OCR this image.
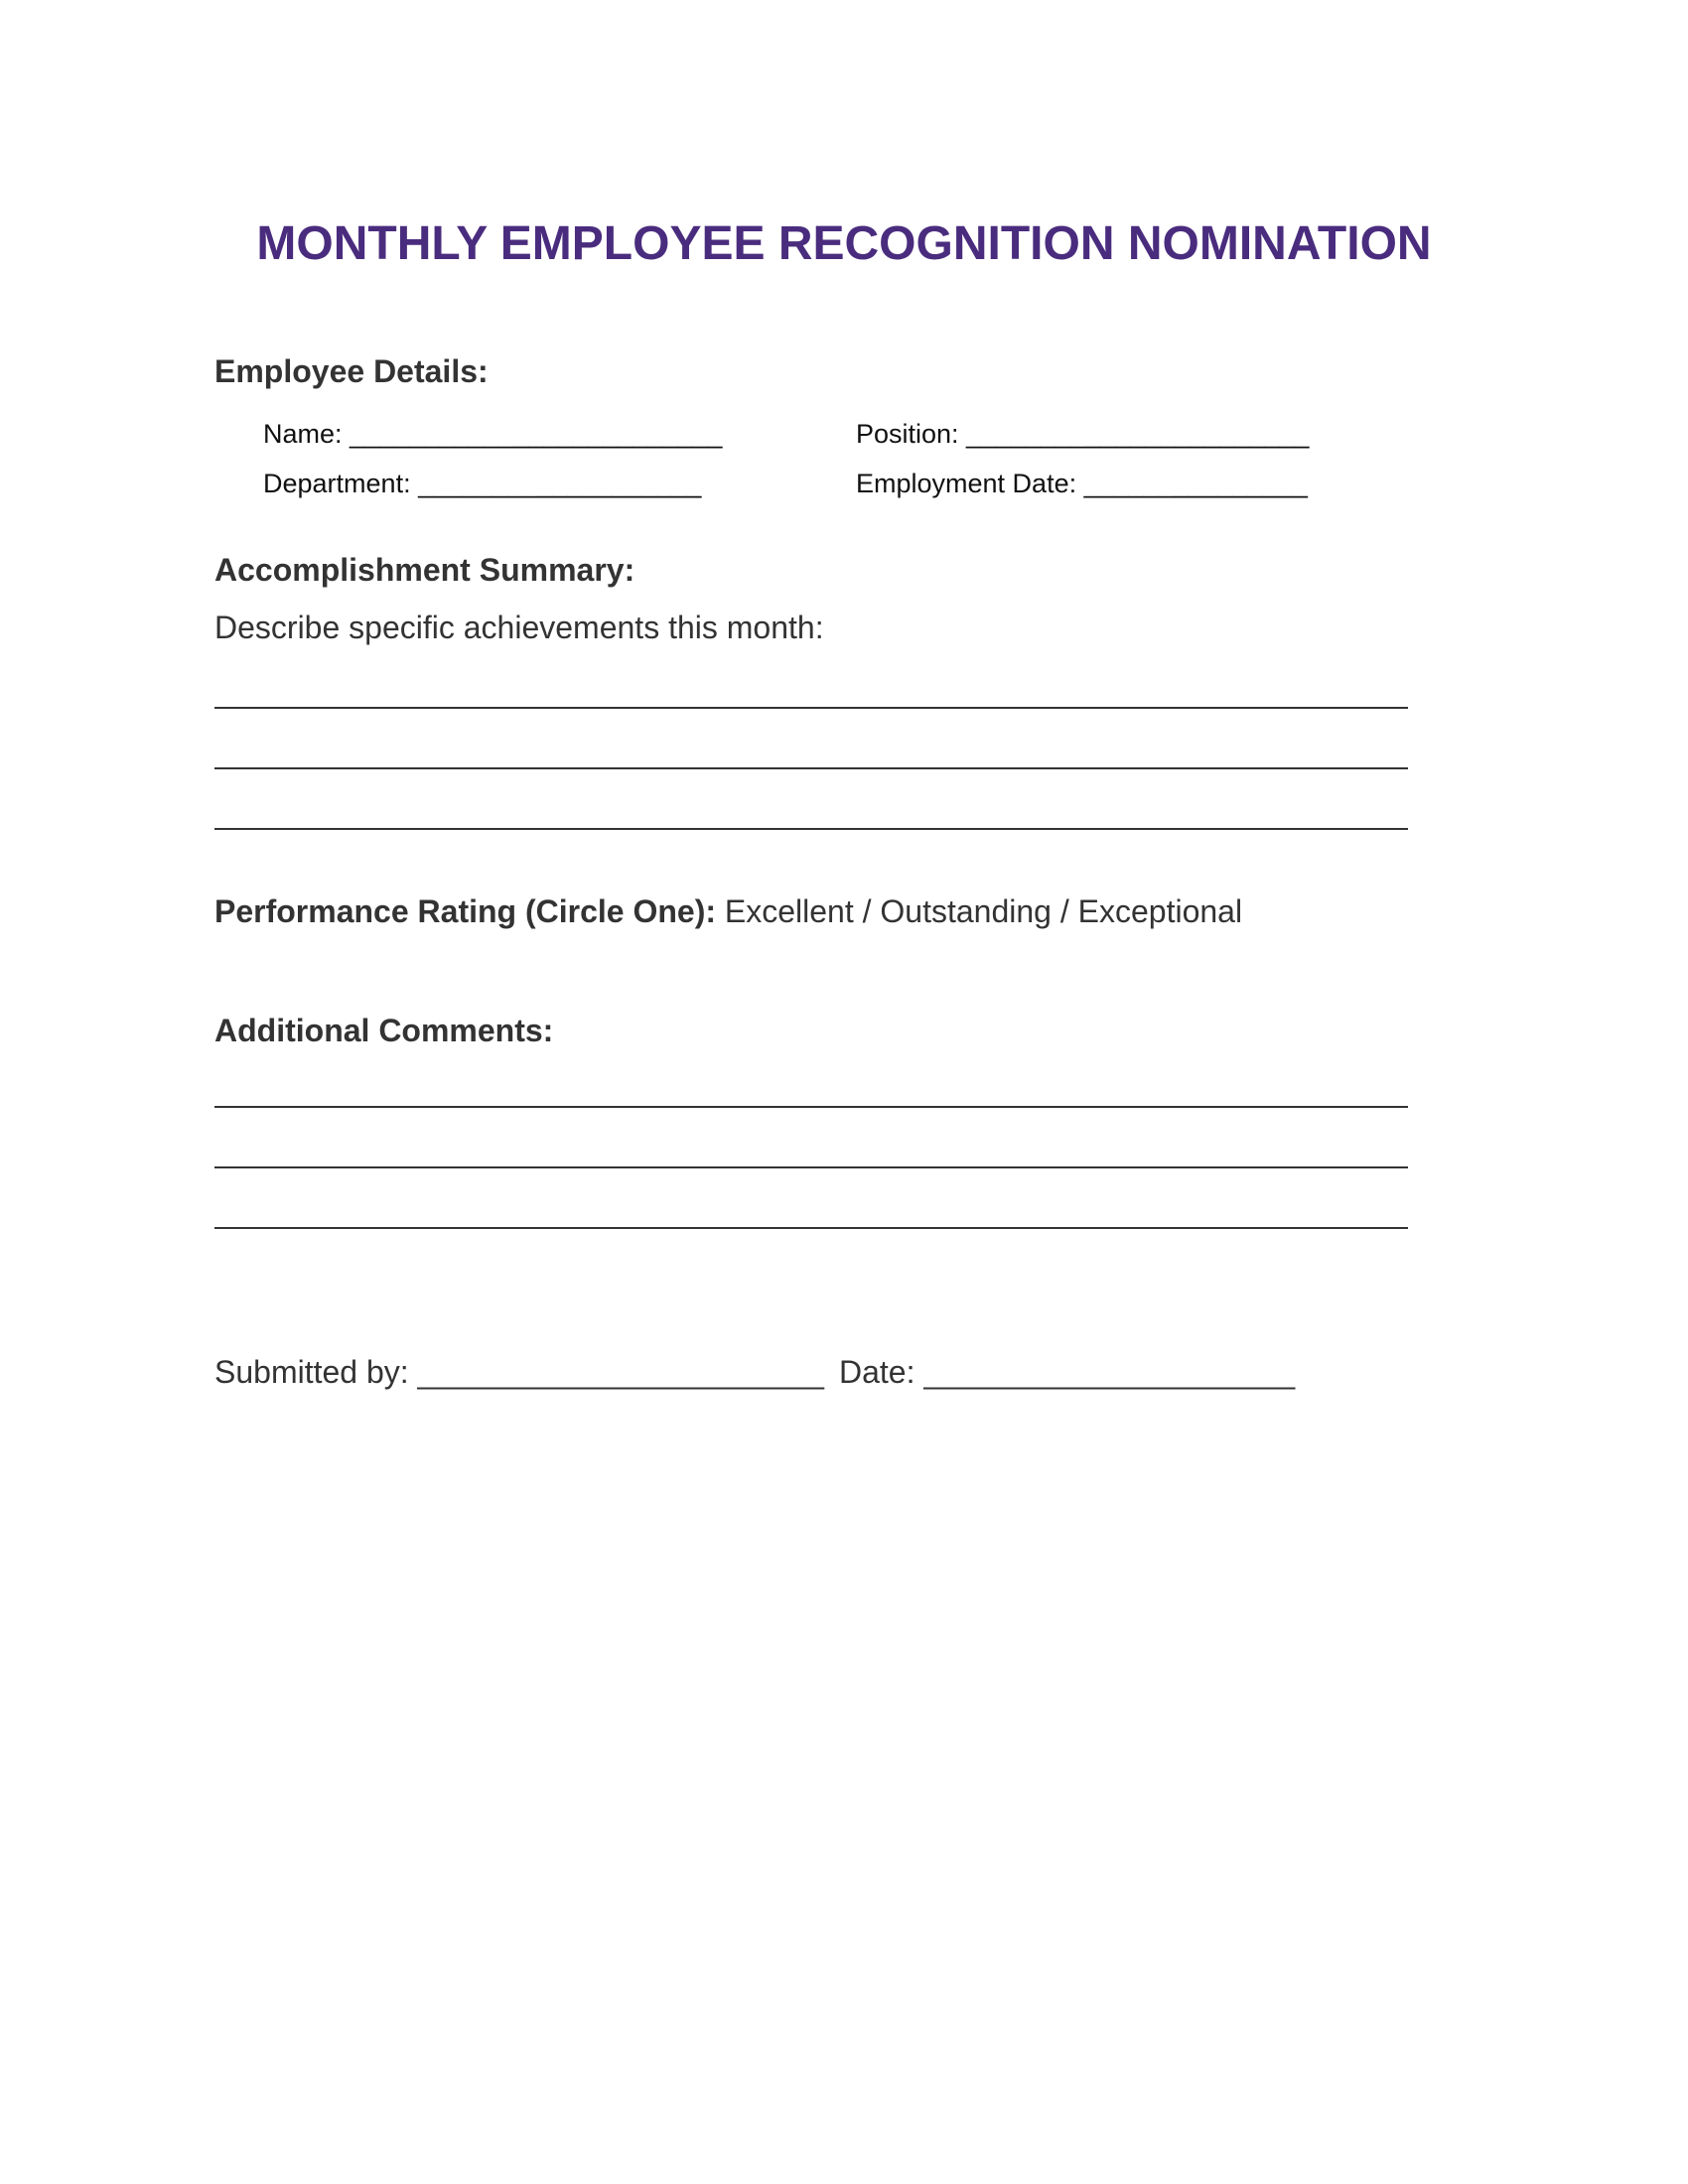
MONTHLY EMPLOYEE RECOGNITION NOMINATION
Employee Details:
Name: _________________________	Position: _______________________
Department: ___________________	Employment Date: _______________
Accomplishment Summary:
Describe specific achievements this month:
Performance Rating (Circle One): Excellent / Outstanding / Exceptional
Additional Comments:
Submitted by: _______________________ Date: _____________________
